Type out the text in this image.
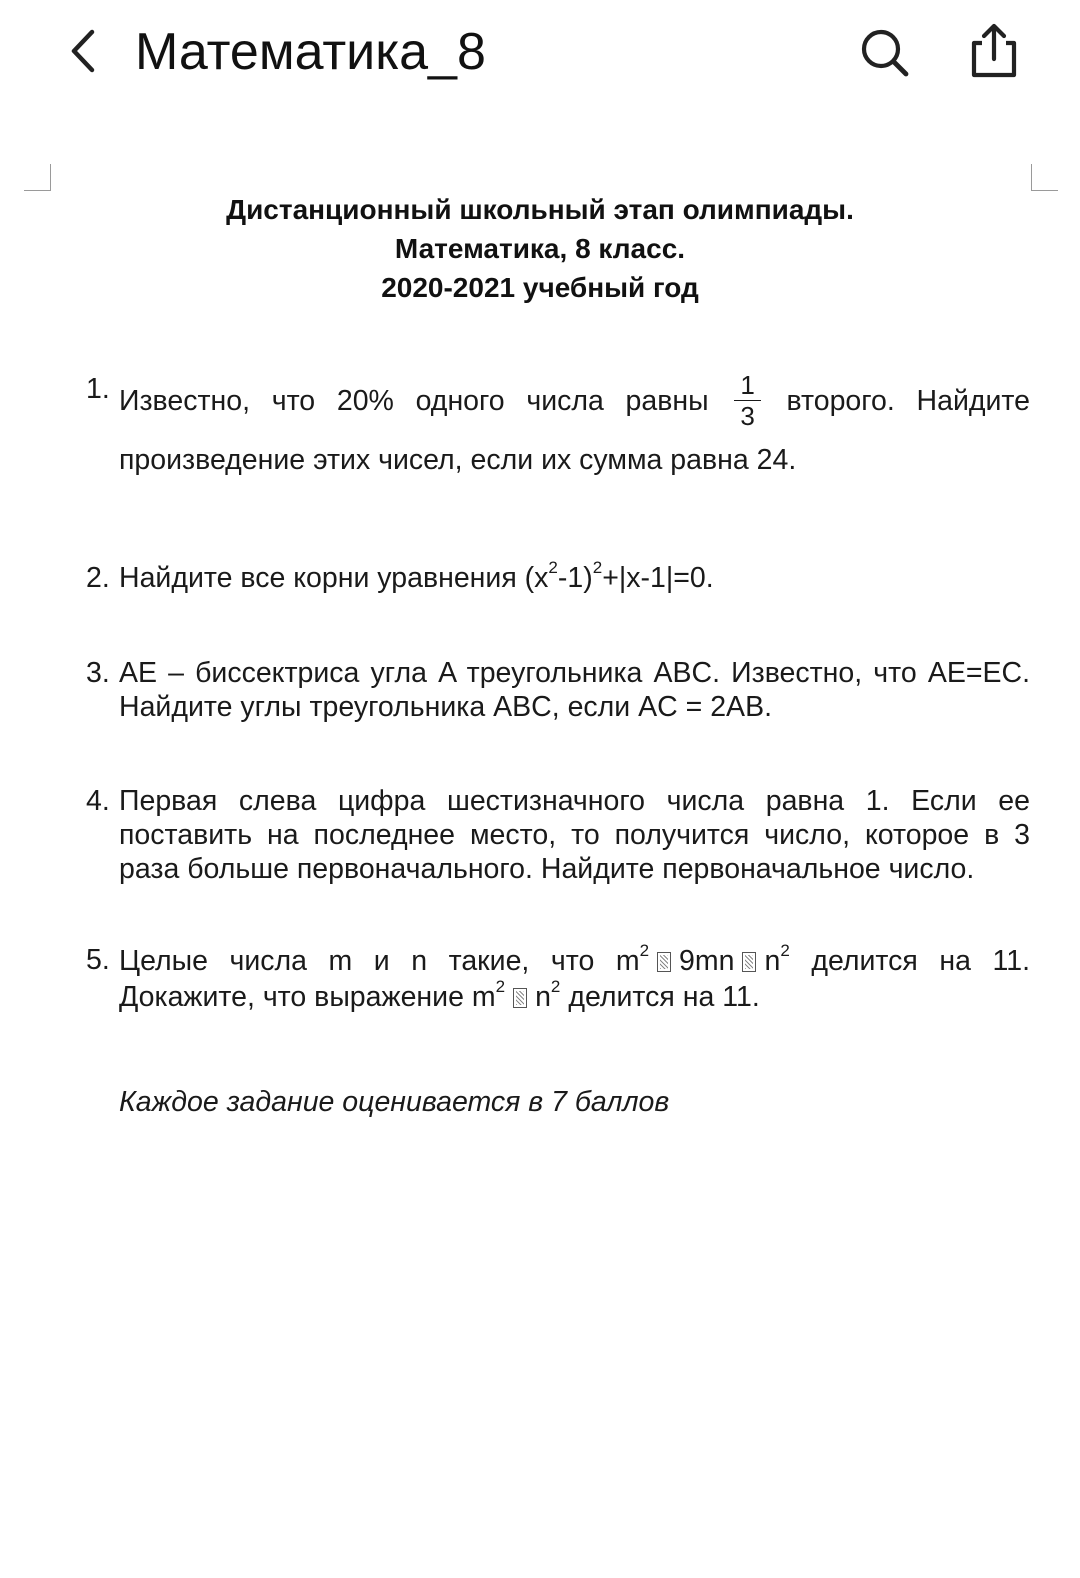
Математика_8
Дистанционный школьный этап олимпиады.
Математика, 8 класс.
2020-2021 учебный год
1. Известно, что 20% одного числа равны $\frac{1}{3}$ второго. Найдите
произведение этих чисел, если их сумма равна 24.
2. Найдите все корни уравнения $(x^2-1)^2+|x-1|=0$.
3. AE – биссектриса угла A треугольника ABC. Известно, что AE=EC. Найдите углы треугольника ABC, если AC = 2AB.
4. Первая слева цифра шестизначного числа равна 1. Если ее поставить на последнее место, то получится число, которое в 3 раза больше первоначального. Найдите первоначальное число.
5. Целые числа m и n такие, что $m^2$ 9mn $n^2$ делится на 11. Докажите, что выражение $m^2$ $n^2$ делится на 11.
Каждое задание оценивается в 7 баллов
